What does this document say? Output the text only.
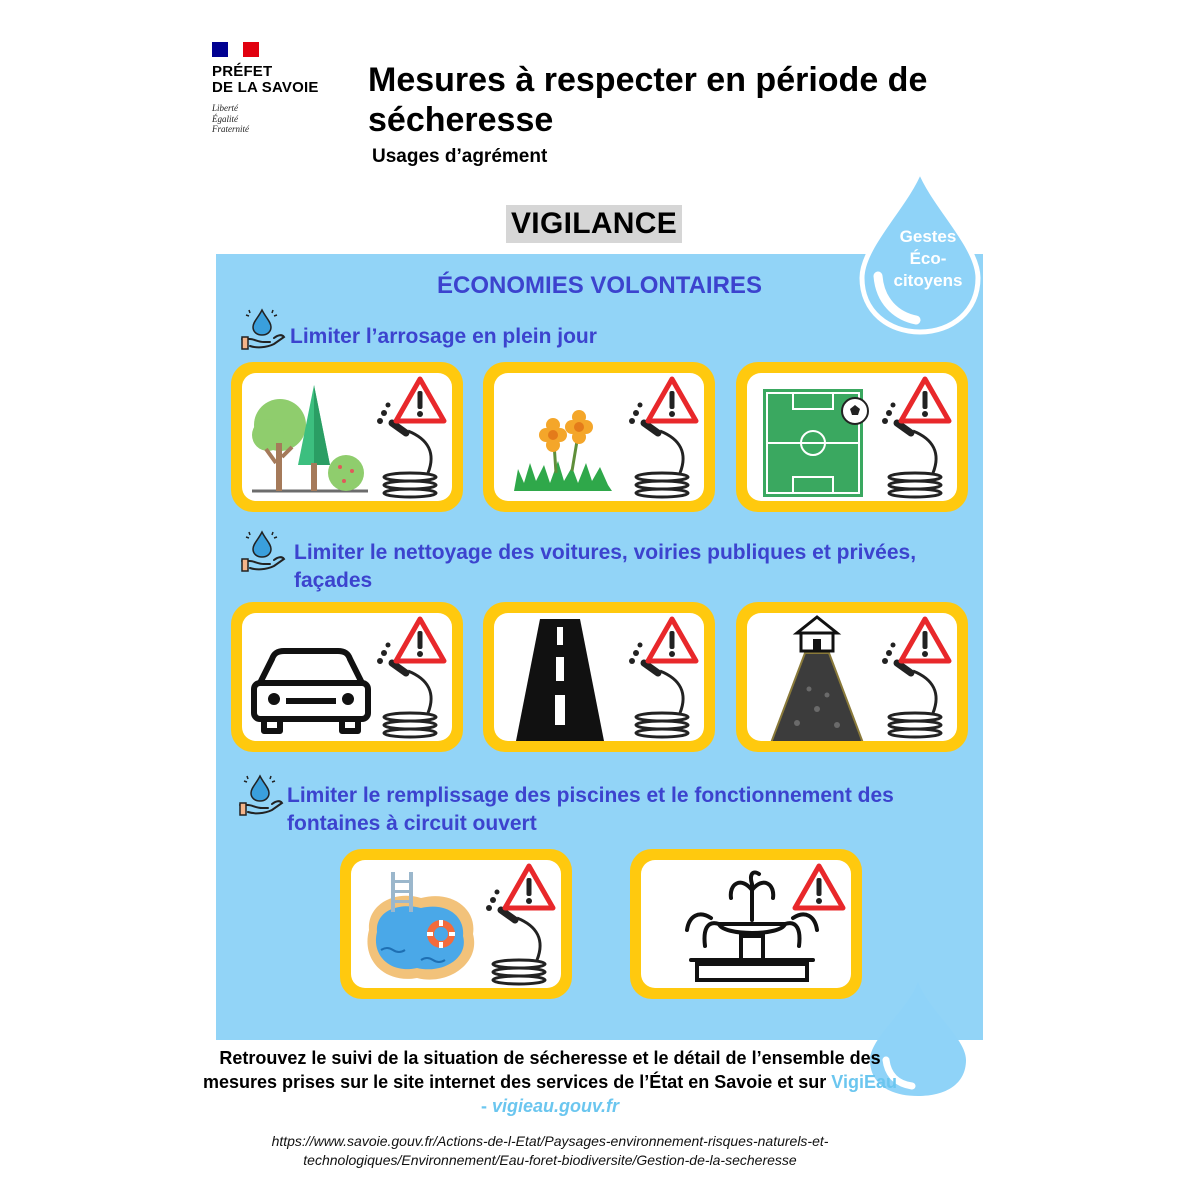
PRÉFET
DE LA SAVOIE
Liberté
Égalité
Fraternité
Mesures à respecter en période de sécheresse
Usages d’agrément
VIGILANCE	Gestes
Éco-
citoyens
ÉCONOMIES VOLONTAIRES
Limiter l’arrosage en plein jour
Limiter le nettoyage des voitures, voiries publiques et privées, façades
Limiter le remplissage des piscines et le fonctionnement des fontaines à circuit ouvert
Retrouvez le suivi de la situation de sécheresse et le détail de l’ensemble des mesures prises sur le site internet des services de l’État en Savoie et sur VigiEau - vigieau.gouv.fr
https://www.savoie.gouv.fr/Actions-de-l-Etat/Paysages-environnement-risques-naturels-et-technologiques/Environnement/Eau-foret-biodiversite/Gestion-de-la-secheresse
